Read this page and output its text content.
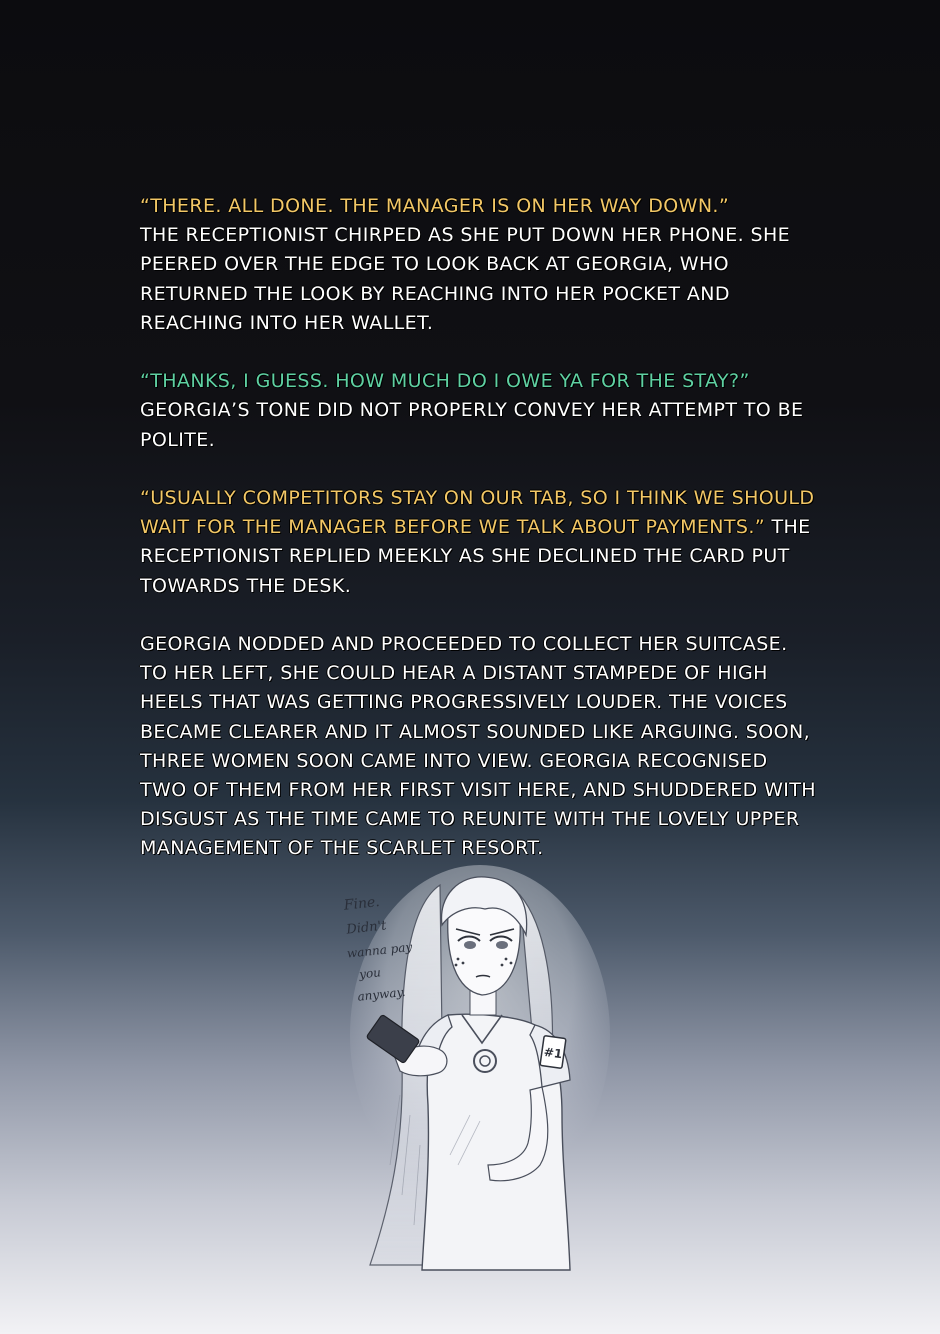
“THERE. ALL DONE. THE MANAGER IS ON HER WAY DOWN.”
THE RECEPTIONIST CHIRPED AS SHE PUT DOWN HER PHONE. SHE PEERED OVER THE EDGE TO LOOK BACK AT GEORGIA, WHO RETURNED THE LOOK BY REACHING INTO HER POCKET AND REACHING INTO HER WALLET.

“THANKS, I GUESS. HOW MUCH DO I OWE YA FOR THE STAY?”
GEORGIA’S TONE DID NOT PROPERLY CONVEY HER ATTEMPT TO BE POLITE.

“USUALLY COMPETITORS STAY ON OUR TAB, SO I THINK WE SHOULD WAIT FOR THE MANAGER BEFORE WE TALK ABOUT PAYMENTS.” THE RECEPTIONIST REPLIED MEEKLY AS SHE DECLINED THE CARD PUT TOWARDS THE DESK.

GEORGIA NODDED AND PROCEEDED TO COLLECT HER SUITCASE. TO HER LEFT, SHE COULD HEAR A DISTANT STAMPEDE OF HIGH HEELS THAT WAS GETTING PROGRESSIVELY LOUDER. THE VOICES BECAME CLEARER AND IT ALMOST SOUNDED LIKE ARGUING. SOON, THREE WOMEN SOON CAME INTO VIEW. GEORGIA RECOGNISED TWO OF THEM FROM HER FIRST VISIT HERE, AND SHUDDERED WITH DISGUST AS THE TIME CAME TO REUNITE WITH THE LOVELY UPPER MANAGEMENT OF THE SCARLET RESORT.

#1
Fine.
Didn't
wanna pay
you
anyway.
